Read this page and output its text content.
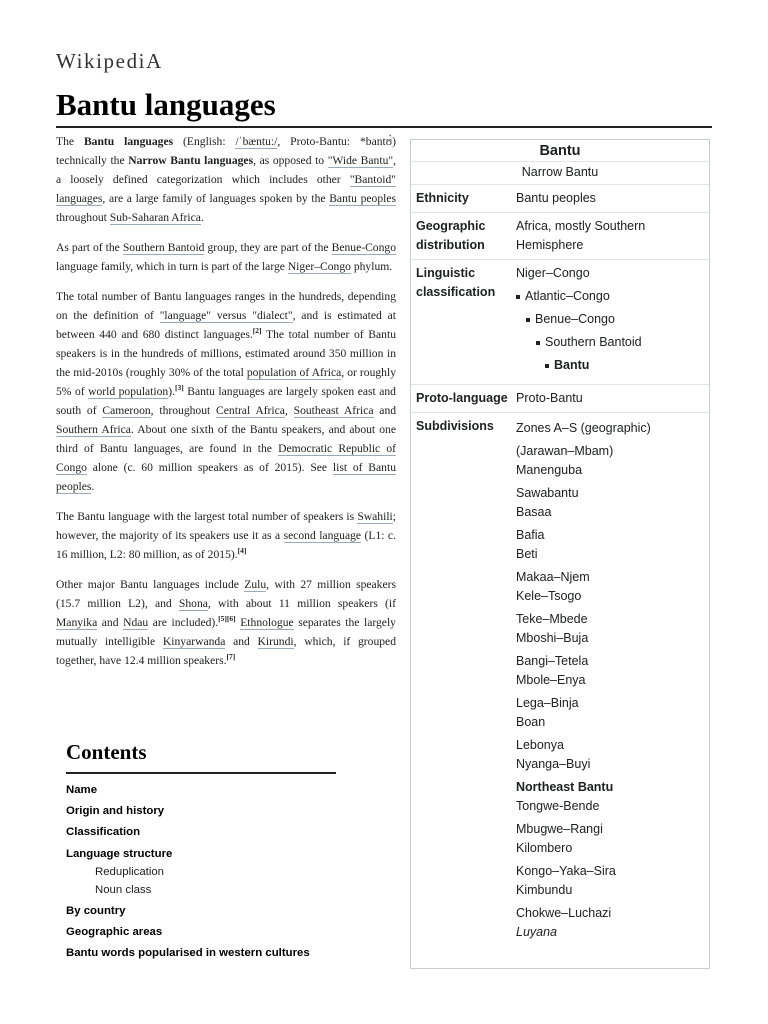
WikipediA
Bantu languages

The Bantu languages (English: /ˈbæntuː/, Proto-Bantu: *bantʊ̀) technically the Narrow Bantu languages, as opposed to "Wide Bantu", a loosely defined categorization which includes other "Bantoid" languages, are a large family of languages spoken by the Bantu peoples throughout Sub-Saharan Africa.

As part of the Southern Bantoid group, they are part of the Benue-Congo language family, which in turn is part of the large Niger–Congo phylum.

The total number of Bantu languages ranges in the hundreds, depending on the definition of "language" versus "dialect", and is estimated at between 440 and 680 distinct languages.[2] The total number of Bantu speakers is in the hundreds of millions, estimated around 350 million in the mid-2010s (roughly 30% of the total population of Africa, or roughly 5% of world population).[3] Bantu languages are largely spoken east and south of Cameroon, throughout Central Africa, Southeast Africa and Southern Africa. About one sixth of the Bantu speakers, and about one third of Bantu languages, are found in the Democratic Republic of Congo alone (c. 60 million speakers as of 2015). See list of Bantu peoples.

The Bantu language with the largest total number of speakers is Swahili; however, the majority of its speakers use it as a second language (L1: c. 16 million, L2: 80 million, as of 2015).[4]

Other major Bantu languages include Zulu, with 27 million speakers (15.7 million L2), and Shona, with about 11 million speakers (if Manyika and Ndau are included).[5][6] Ethnologue separates the largely mutually intelligible Kinyarwanda and Kirundi, which, if grouped together, have 12.4 million speakers.[7]

Bantu
Narrow Bantu
Ethnicity	Bantu peoples
Geographic distribution
Africa, mostly Southern Hemisphere
Linguistic classification
Niger–Congo
Atlantic–Congo
Benue–Congo
Southern Bantoid
Bantu
Proto-language Proto-Bantu
Subdivisions	Zones A–S (geographic)
(Jarawan–Mbam)
Manenguba
Sawabantu
Basaa
Bafia
Beti
Makaa–Njem
Kele–Tsogo
Teke–Mbede
Mboshi–Buja
Bangi–Tetela
Mbole–Enya
Lega–Binja
Boan
Lebonya
Nyanga–Buyi
Northeast Bantu
Tongwe-Bende
Mbugwe–Rangi
Kilombero
Kongo–Yaka–Sira
Kimbundu
Chokwe–Luchazi
Luyana
Contents
Name
Origin and history
Classification
Language structure
Reduplication
Noun class
By country
Geographic areas
Bantu words popularised in western cultures
